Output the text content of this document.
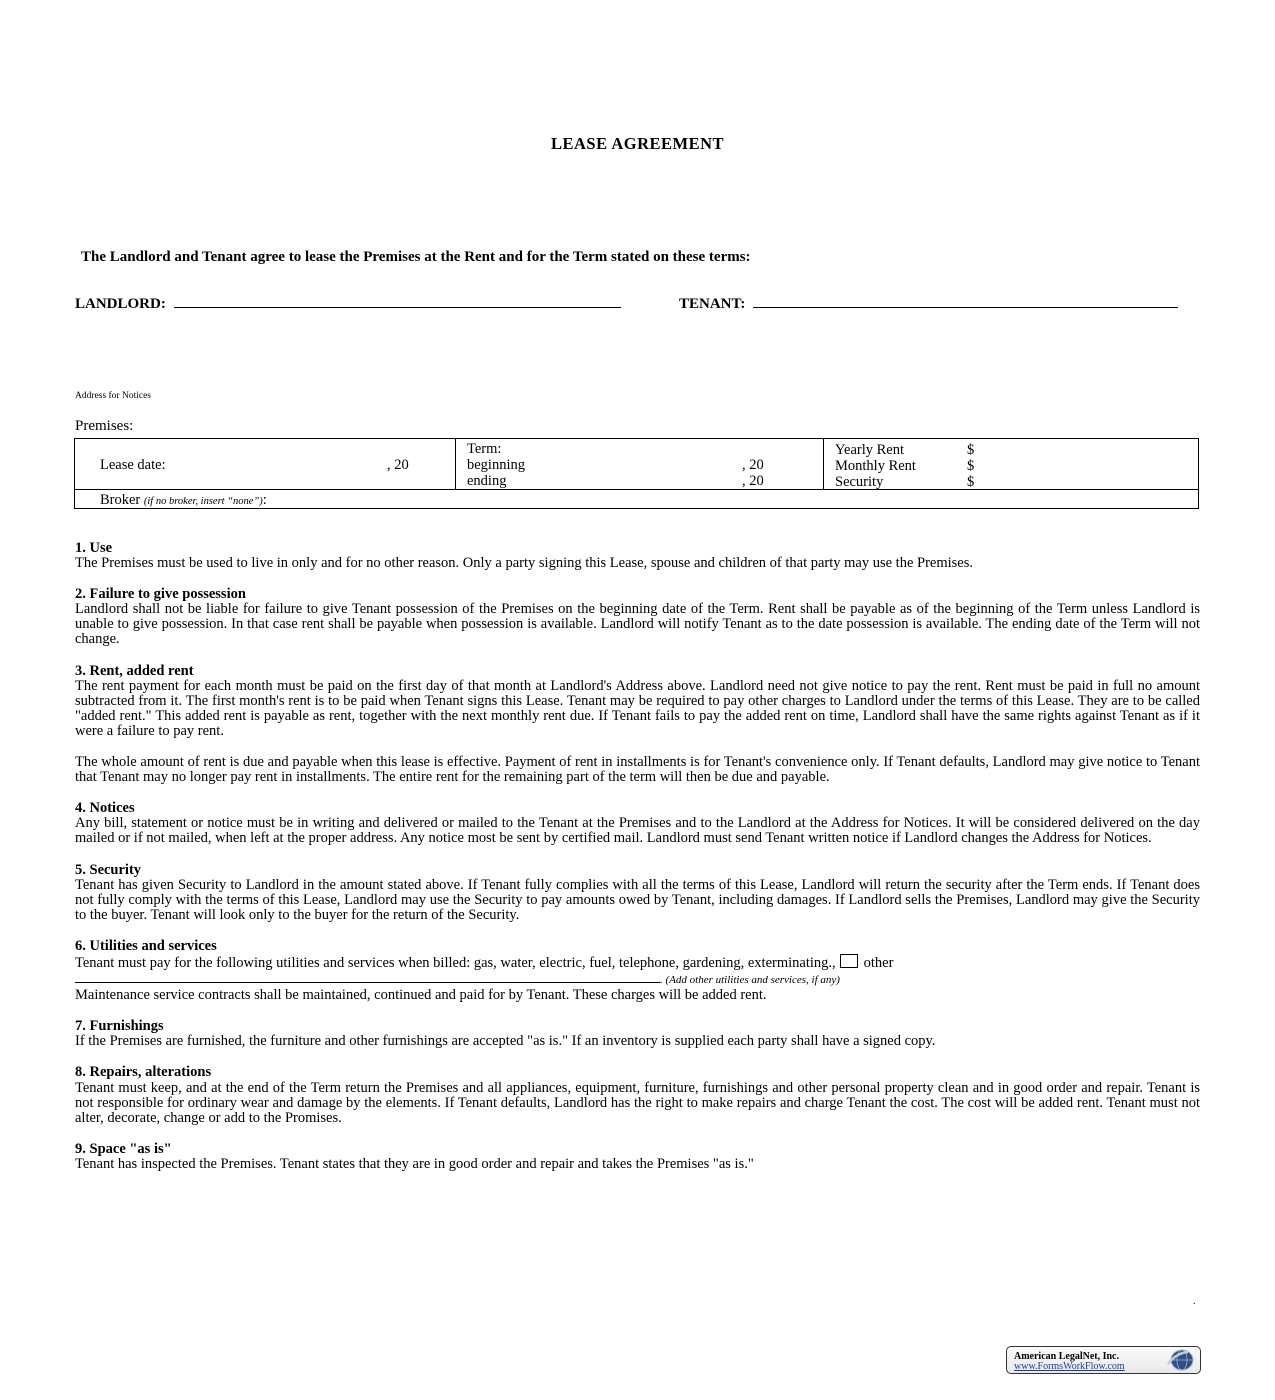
LEASE AGREEMENT
The Landlord and Tenant agree to lease the Premises at the Rent and for the Term stated on these terms:
LANDLORD:	TENANT:
Address for Notices
Premises:
Lease date:	, 20
Term:
beginning	, 20
ending	, 20
Yearly Rent	$
Monthly Rent	$
Security	$
Broker (if no broker, insert “none”):
1. Use

The Premises must be used to live in only and for no other reason. Only a party signing this Lease, spouse and children of that party may use the Premises.

2. Failure to give possession

Landlord shall not be liable for failure to give Tenant possession of the Premises on the beginning date of the Term. Rent shall be payable as of the beginning of the Term unless Landlord is unable to give possession. In that case rent shall be payable when possession is available. Landlord will notify Tenant as to the date possession is available. The ending date of the Term will not change.

3. Rent, added rent

The rent payment for each month must be paid on the first day of that month at Landlord's Address above. Landlord need not give notice to pay the rent. Rent must be paid in full no amount subtracted from it. The first month's rent is to be paid when Tenant signs this Lease. Tenant may be required to pay other charges to Landlord under the terms of this Lease. They are to be called "added rent." This added rent is payable as rent, together with the next monthly rent due. If Tenant fails to pay the added rent on time, Landlord shall have the same rights against Tenant as if it were a failure to pay rent.

The whole amount of rent is due and payable when this lease is effective. Payment of rent in installments is for Tenant's convenience only. If Tenant defaults, Landlord may give notice to Tenant that Tenant may no longer pay rent in installments. The entire rent for the remaining part of the term will then be due and payable.

4. Notices

Any bill, statement or notice must be in writing and delivered or mailed to the Tenant at the Premises and to the Landlord at the Address for Notices. It will be considered delivered on the day mailed or if not mailed, when left at the proper address. Any notice most be sent by certified mail. Landlord must send Tenant written notice if Landlord changes the Address for Notices.

5. Security

Tenant has given Security to Landlord in the amount stated above. If Tenant fully complies with all the terms of this Lease, Landlord will return the security after the Term ends. If Tenant does not fully comply with the terms of this Lease, Landlord may use the Security to pay amounts owed by Tenant, including damages. If Landlord sells the Premises, Landlord may give the Security to the buyer. Tenant will look only to the buyer for the return of the Security.

6. Utilities and services

Tenant must pay for the following utilities and services when billed: gas, water, electric, fuel, telephone, gardening, exterminating., other

. (Add other utilities and services, if any)

Maintenance service contracts shall be maintained, continued and paid for by Tenant. These charges will be added rent.

7. Furnishings

If the Premises are furnished, the furniture and other furnishings are accepted "as is." If an inventory is supplied each party shall have a signed copy.

8. Repairs, alterations

Tenant must keep, and at the end of the Term return the Premises and all appliances, equipment, furniture, furnishings and other personal property clean and in good order and repair. Tenant is not responsible for ordinary wear and damage by the elements. If Tenant defaults, Landlord has the right to make repairs and charge Tenant the cost. The cost will be added rent. Tenant must not alter, decorate, change or add to the Promises.

9. Space "as is"

Tenant has inspected the Premises. Tenant states that they are in good order and repair and takes the Premises "as is."

.
American LegalNet, Inc.
www.FormsWorkFlow.com
